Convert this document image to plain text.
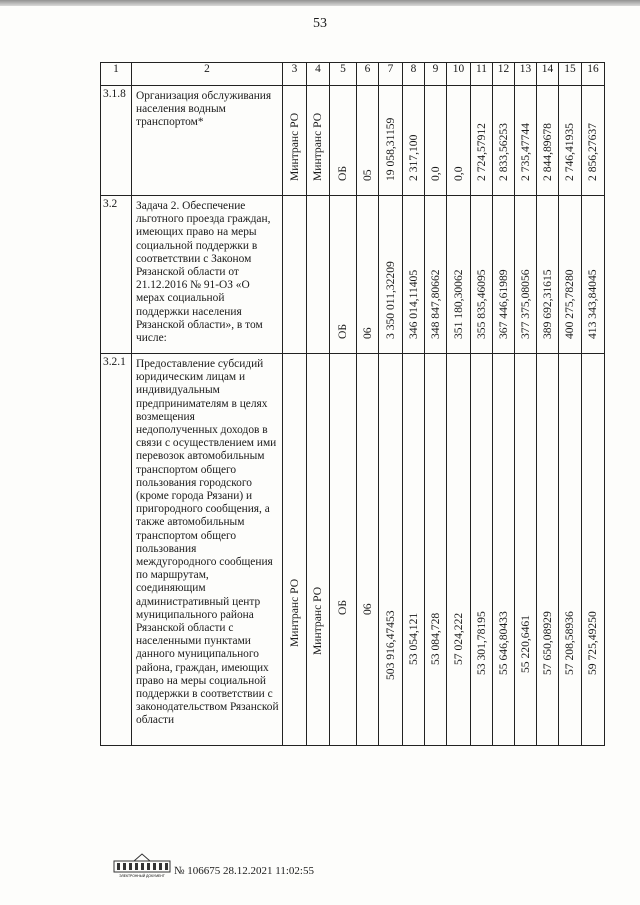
53
1	2	3	4	5	6	7	8	9	10	11	12	13	14	15	16
3.1.8	Организация обслуживания населения водным транспортом*	Минтранс РО	Минтранс РО	ОБ	05	19 058,31159	2 317,100	0,0	0,0	2 724,57912	2 833,56253	2 735,47744	2 844,89678	2 746,41935	2 856,27637

3.2	Задача 2. Обеспечение льготного проезда граждан, имеющих право на меры социальной поддержки в соответствии с Законом Рязанской области от 21.12.2016 № 91-ОЗ «О мерах социальной поддержки населения Рязанской области», в том числе:			ОБ	06	3 350 011,32209	346 014,11405	348 847,80662	351 180,30062	355 835,46095	367 446,61989	377 375,08056	389 692,31615	400 275,78280	413 343,84045

3.2.1	Предоставление субсидий юридическим лицам и индивидуальным предпринимателям в целях возмещения недополученных доходов в связи с осуществлением ими перевозок автомобильным транспортом общего пользования городского (кроме города Рязани) и пригородного сообщения, а также автомобильным транспортом общего пользования междугородного сообщения по маршрутам, соединяющим административный центр муниципального района Рязанской области с населенными пунктами данного муниципального района, граждан, имеющих право на меры социальной поддержки в соответствии с законодательством Рязанской области	Минтранс РО	Минтранс РО	ОБ	06	503 916,47453	53 054,121	53 084,728	57 024,222	53 301,78195	55 646,80433	55 220,6461	57 650,08929	57 208,58936	59 725,49250
ЭЛЕКТРОННЫЙ ДОКУМЕНТ № 106675 28.12.2021 11:02:55
